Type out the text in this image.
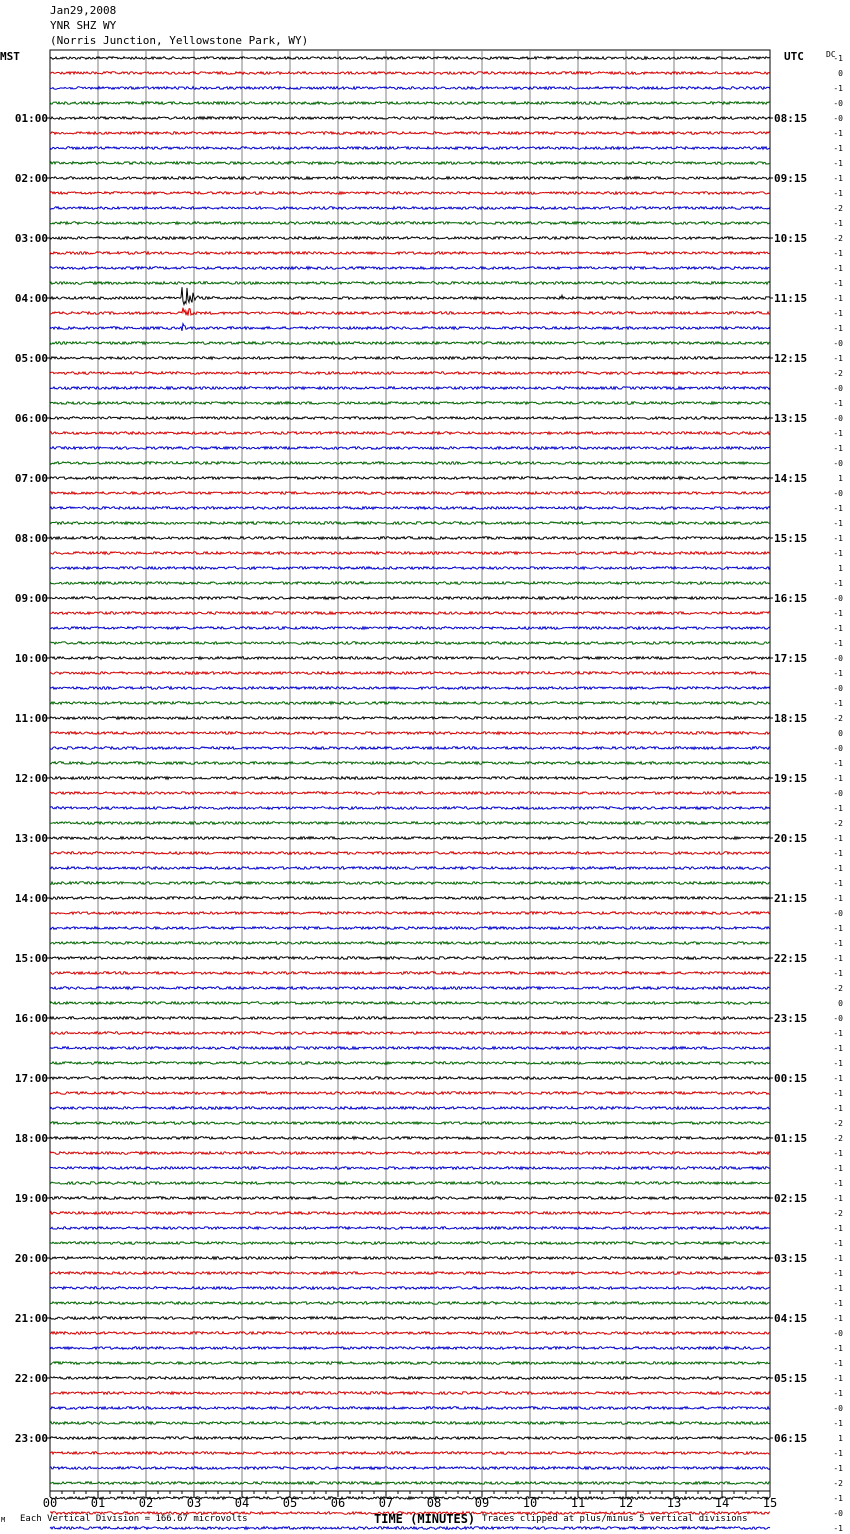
Jan29,2008
YNR SHZ WY
(Norris Junction, Yellowstone Park, WY)
MST	UTC	DC
00	01	02	03	04	05	06	07	08	09	10	11	12	13	14	15
-1
0
-1
-0
-0
-1
-1
-1
-1
-1
-2
-1
-2
-1
-1
-1
-1
-1
-1
-0
-1
-2
-0
-1
-0
-1
-1
-0
1
-0
-1
-1
-1
-1
1
-1
-0
-1
-1
-1
-0
-1
-0
-1
-2
0
-0
-1
-1
-0
-1
-2
-1
-1
-1
-1
-1
-0
-1
-1
-1
-1
-2
0
-0
-1
-1
-1
-1
-1
-1
-2
-2
-1
-1
-1
-1
-2
-1
-1
-1
-1
-1
-1
-1
-0
-1
-1
-1
-1
-0
-1
1
-1
-1
-2
-1
-0
-1
01:00
02:00
03:00
04:00
05:00
06:00
07:00
08:00
09:00
10:00
11:00
12:00
13:00
14:00
15:00
16:00
17:00
18:00
19:00
20:00
21:00
22:00
23:00
08:15
09:15
10:15
11:15
12:15
13:15
14:15
15:15
16:15
17:15
18:15
19:15
20:15
21:15
22:15
23:15
00:15
01:15
02:15
03:15
04:15
05:15
06:15
M Each Vertical Division = 166.67 microvolts	TIME (MINUTES) Traces clipped at plus/minus 5 vertical divisions
